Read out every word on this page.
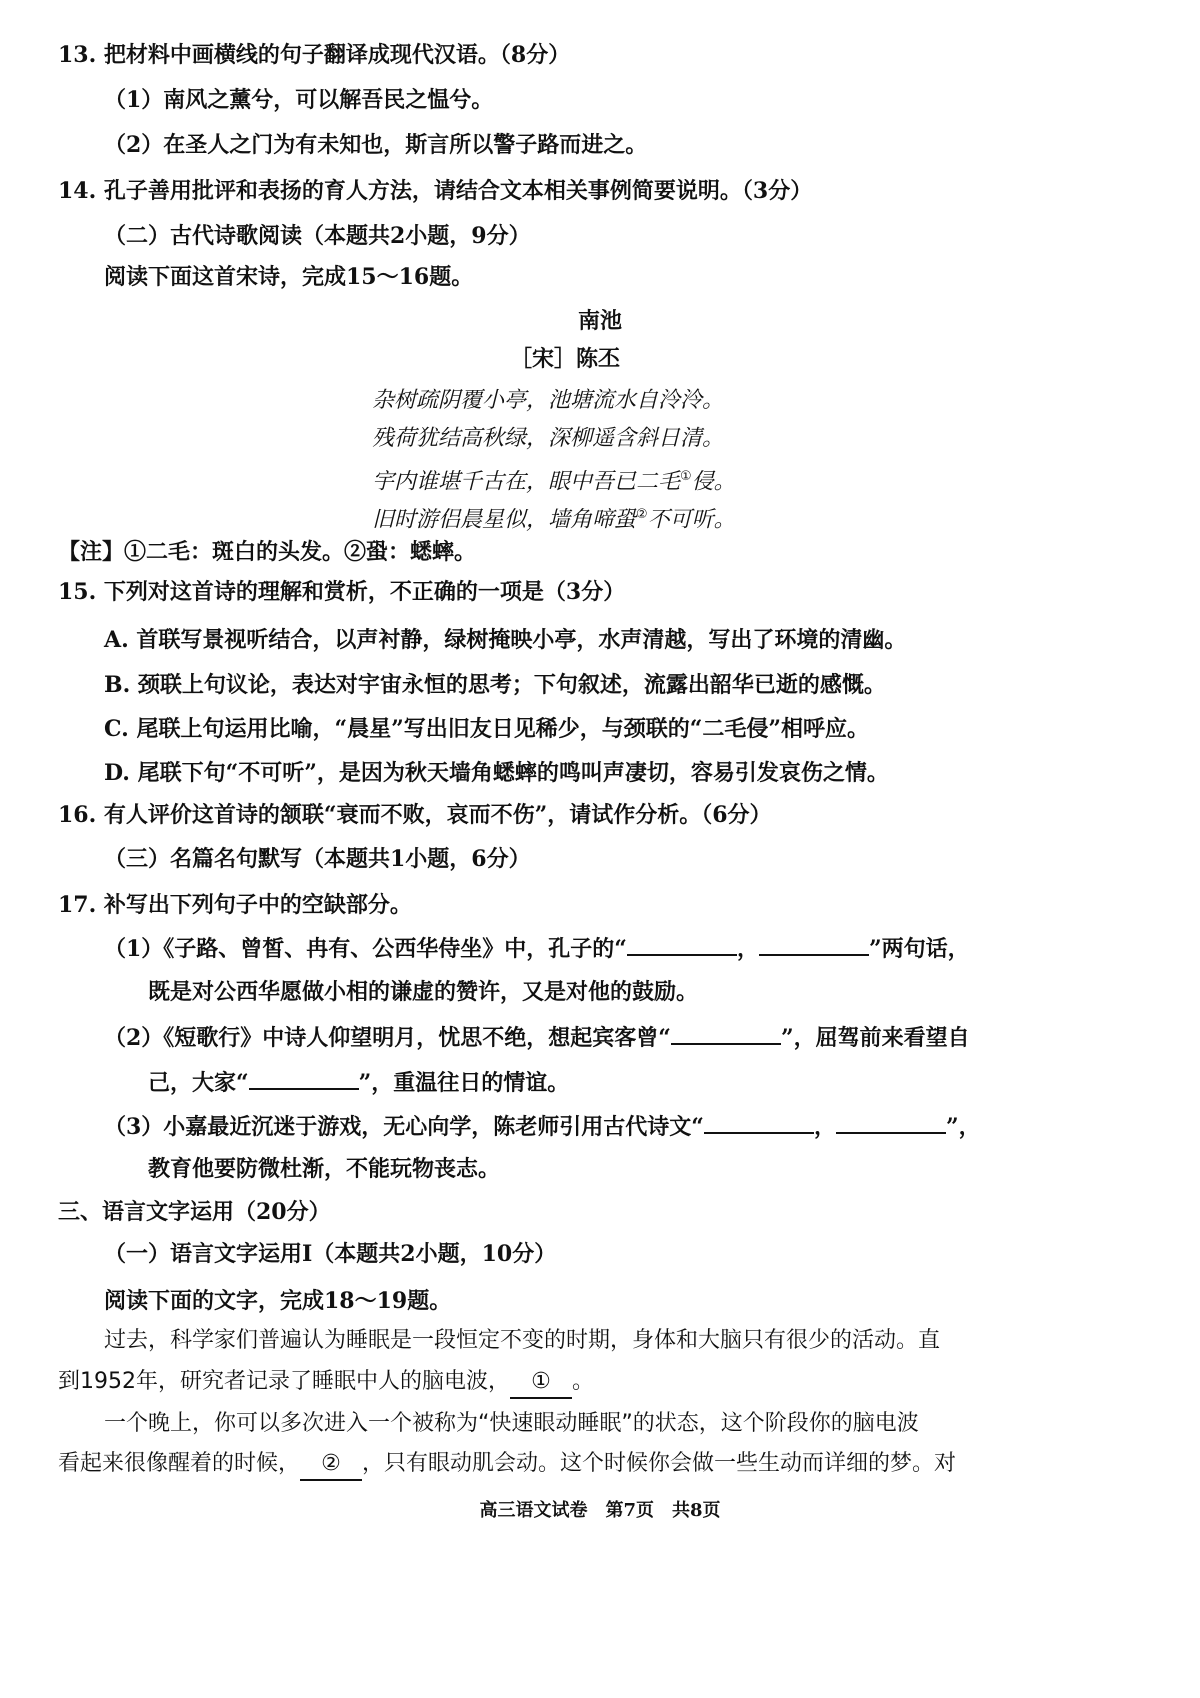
13. 把材料中画横线的句子翻译成现代汉语。（8分）
（1）南风之薰兮，可以解吾民之愠兮。
（2）在圣人之门为有未知也，斯言所以警子路而进之。
14. 孔子善用批评和表扬的育人方法，请结合文本相关事例简要说明。（3分）
（二）古代诗歌阅读（本题共2小题，9分）
阅读下面这首宋诗，完成15～16题。
南池
［宋］陈丕
杂树疏阴覆小亭，池塘流水自泠泠。
残荷犹结高秋绿，深柳遥含斜日清。
宇内谁堪千古在，眼中吾已二毛①侵。
旧时游侣晨星似，墙角啼蛩②不可听。
【注】①二毛：斑白的头发。②蛩：蟋蟀。
15. 下列对这首诗的理解和赏析，不正确的一项是（3分）
A. 首联写景视听结合，以声衬静，绿树掩映小亭，水声清越，写出了环境的清幽。
B. 颈联上句议论，表达对宇宙永恒的思考；下句叙述，流露出韶华已逝的感慨。
C. 尾联上句运用比喻，“晨星”写出旧友日见稀少，与颈联的“二毛侵”相呼应。
D. 尾联下句“不可听”，是因为秋天墙角蟋蟀的鸣叫声凄切，容易引发哀伤之情。
16. 有人评价这首诗的颔联“衰而不败，哀而不伤”，请试作分析。（6分）
（三）名篇名句默写（本题共1小题，6分）
17. 补写出下列句子中的空缺部分。
（1）《子路、曾皙、冉有、公西华侍坐》中，孔子的“	，	”两句话，
既是对公西华愿做小相的谦虚的赞许，又是对他的鼓励。
（2）《短歌行》中诗人仰望明月，忧思不绝，想起宾客曾“	”，屈驾前来看望自
己，大家“	”，重温往日的情谊。
（3）小嘉最近沉迷于游戏，无心向学，陈老师引用古代诗文“	，	”，
教育他要防微杜渐，不能玩物丧志。
三、语言文字运用（20分）
（一）语言文字运用Ⅰ（本题共2小题，10分）
阅读下面的文字，完成18～19题。
过去，科学家们普遍认为睡眠是一段恒定不变的时期，身体和大脑只有很少的活动。直
到1952年，研究者记录了睡眠中人的脑电波， ① 。
一个晚上，你可以多次进入一个被称为“快速眼动睡眠”的状态，这个阶段你的脑电波
看起来很像醒着的时候， ② ，只有眼动肌会动。这个时候你会做一些生动而详细的梦。对
高三语文试卷　第7页　共8页
